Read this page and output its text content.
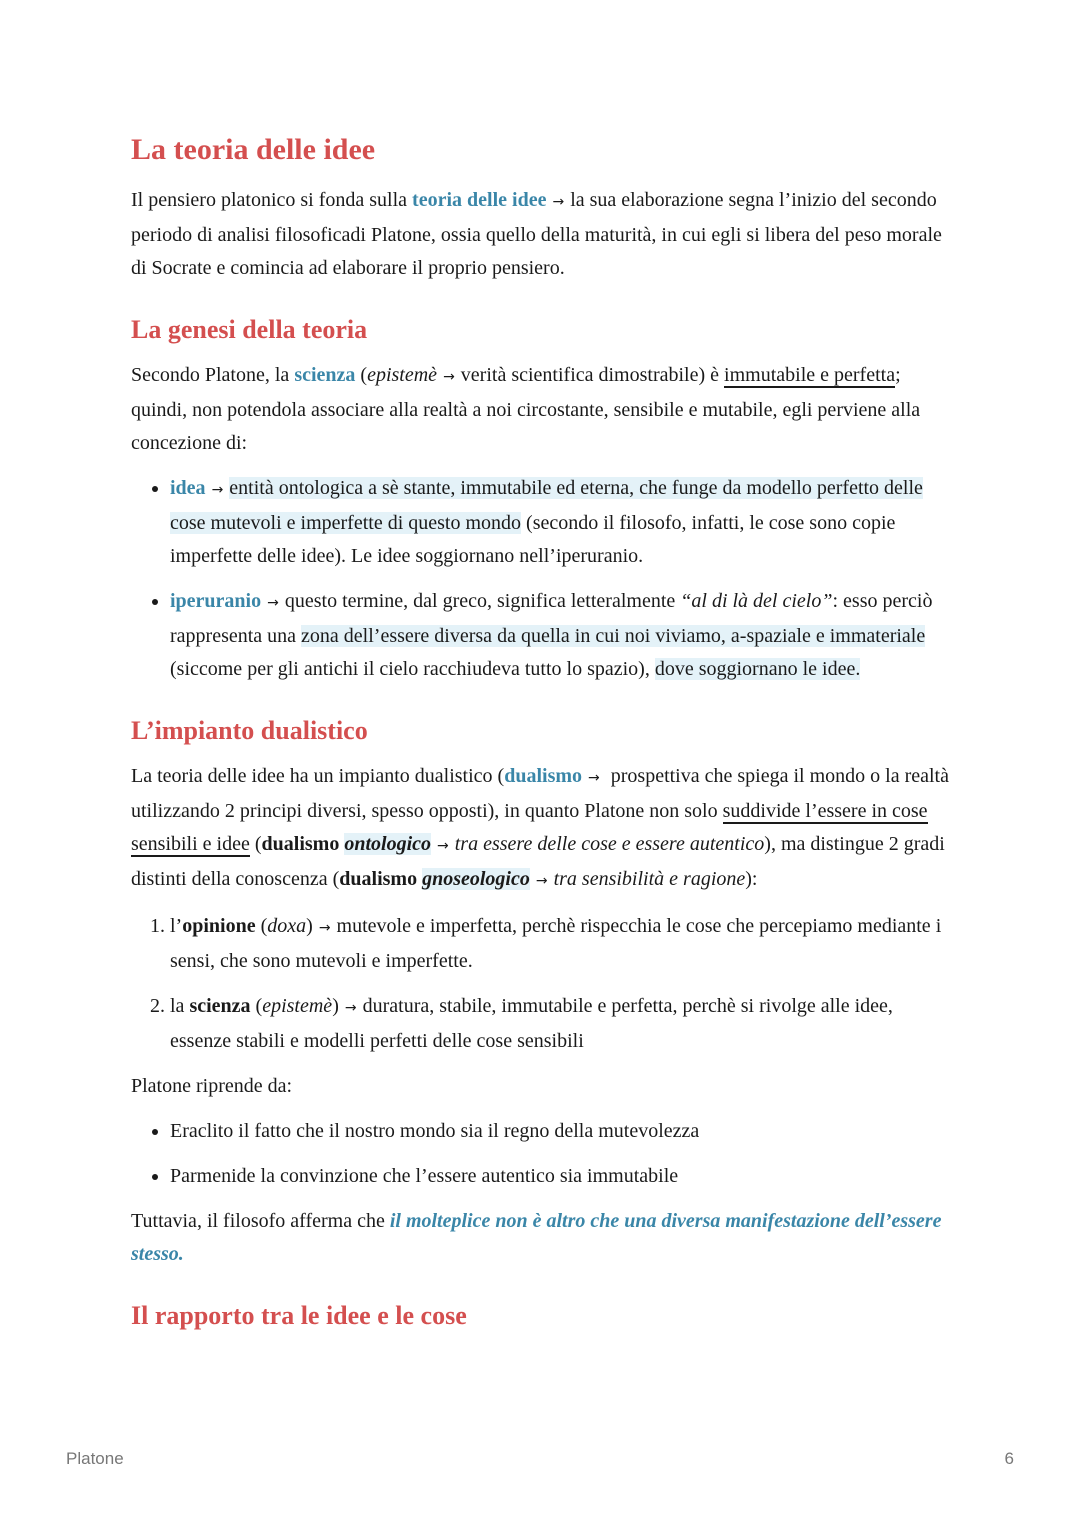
La teoria delle idee

Il pensiero platonico si fonda sulla teoria delle idee → la sua elaborazione segna l’inizio del secondo periodo di analisi filosoficadi Platone, ossia quello della maturità, in cui egli si libera del peso morale di Socrate e comincia ad elaborare il proprio pensiero.

La genesi della teoria

Secondo Platone, la scienza (epistemè → verità scientifica dimostrabile) è immutabile e perfetta; quindi, non potendola associare alla realtà a noi circostante, sensibile e mutabile, egli perviene alla concezione di:

• idea → entità ontologica a sè stante, immutabile ed eterna, che funge da modello perfetto delle cose mutevoli e imperfette di questo mondo (secondo il filosofo, infatti, le cose sono copie imperfette delle idee). Le idee soggiornano nell’iperuranio.
• iperuranio → questo termine, dal greco, significa letteralmente “al di là del cielo”: esso perciò rappresenta una zona dell’essere diversa da quella in cui noi viviamo, a-spaziale e immateriale (siccome per gli antichi il cielo racchiudeva tutto lo spazio), dove soggiornano le idee.
L’impianto dualistico

La teoria delle idee ha un impianto dualistico (dualismo → prospettiva che spiega il mondo o la realtà utilizzando 2 principi diversi, spesso opposti), in quanto Platone non solo suddivide l’essere in cose sensibili e idee (dualismo ontologico → tra essere delle cose e essere autentico), ma distingue 2 gradi distinti della conoscenza (dualismo gnoseologico → tra sensibilità e ragione):

1. l’opinione (doxa) → mutevole e imperfetta, perchè rispecchia le cose che percepiamo mediante i sensi, che sono mutevoli e imperfette.
2. la scienza (epistemè) → duratura, stabile, immutabile e perfetta, perchè si rivolge alle idee, essenze stabili e modelli perfetti delle cose sensibili

Platone riprende da:

• Eraclito il fatto che il nostro mondo sia il regno della mutevolezza
• Parmenide la convinzione che l’essere autentico sia immutabile

Tuttavia, il filosofo afferma che il molteplice non è altro che una diversa manifestazione dell’essere stesso.

Il rapporto tra le idee e le cose
Platone	6
